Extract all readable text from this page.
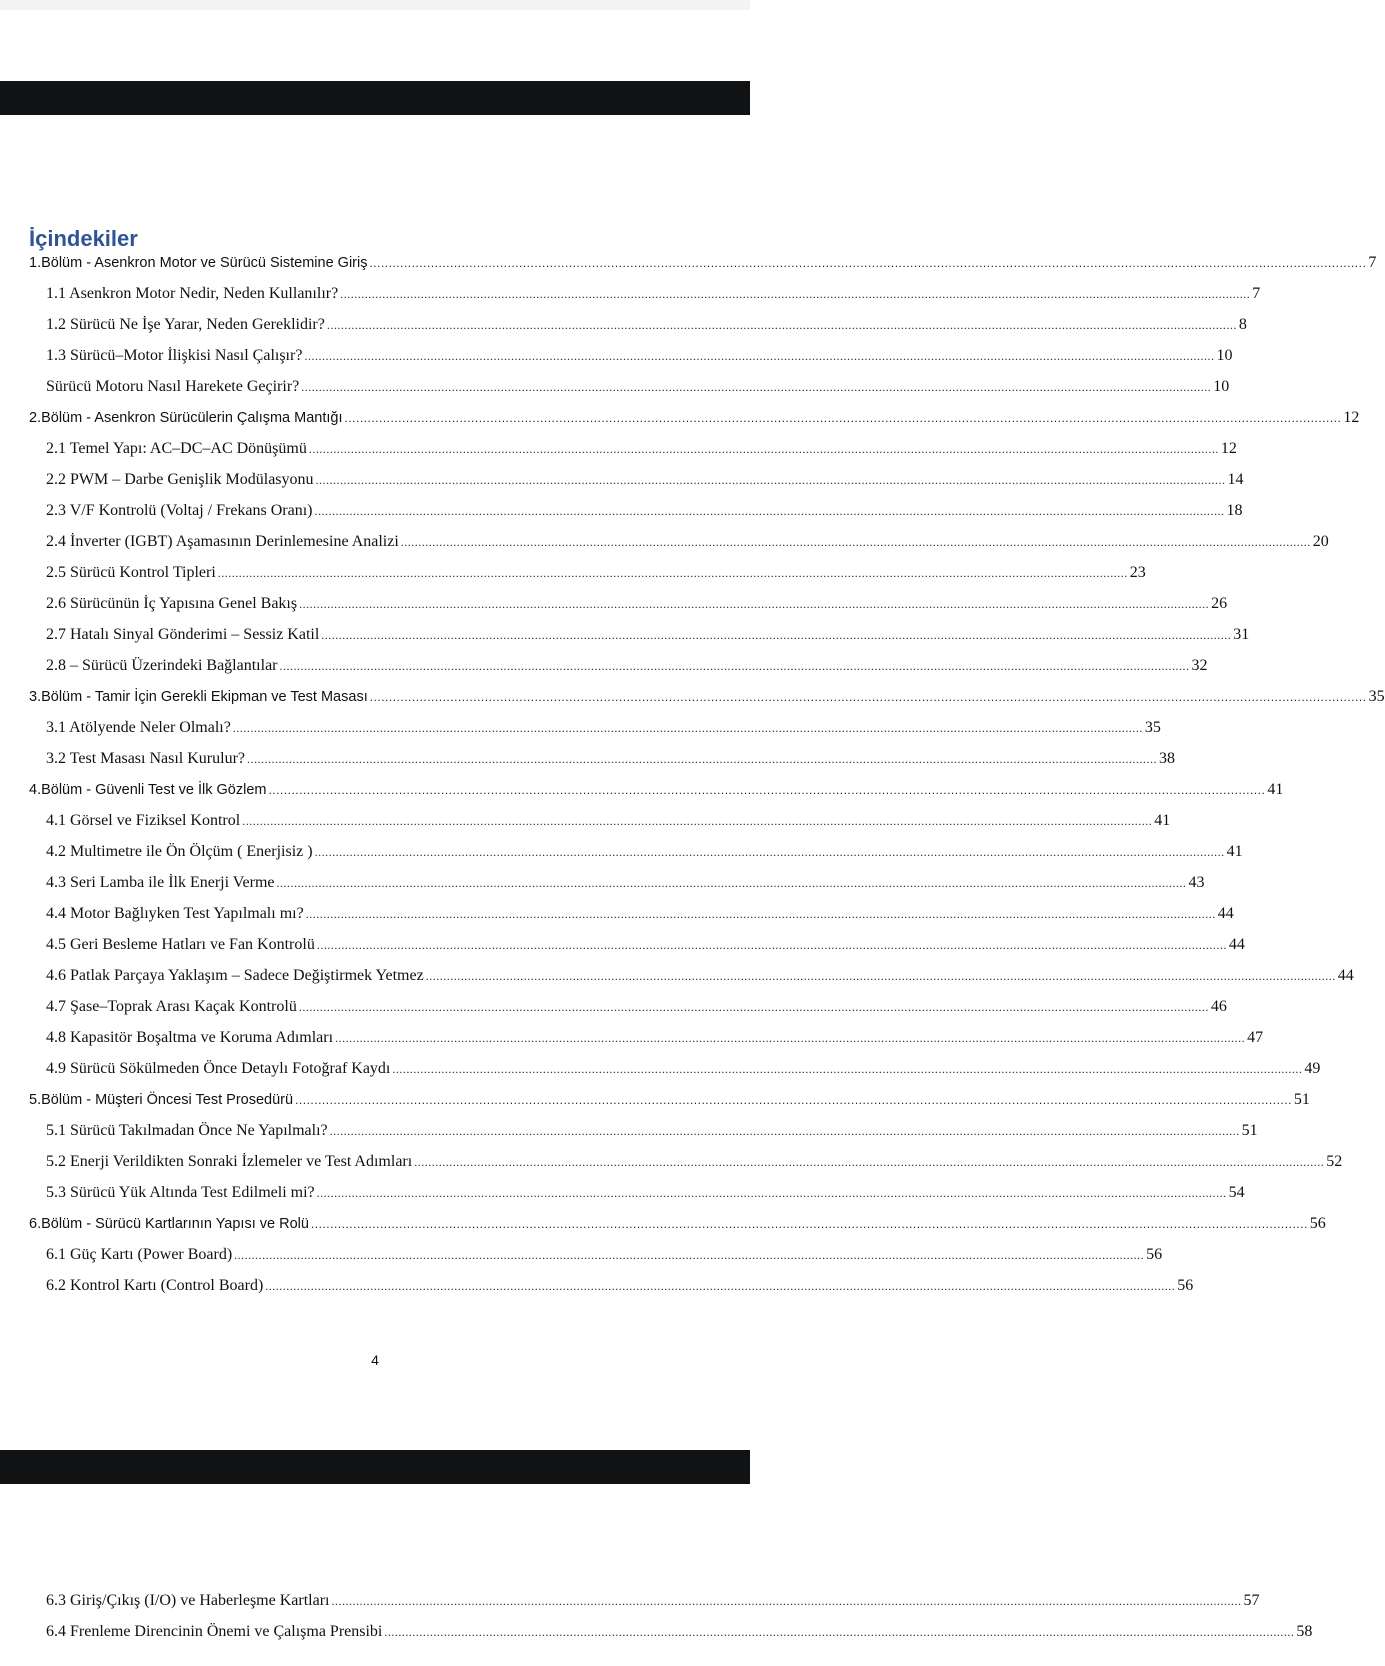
İçindekiler
1.Bölüm - Asenkron Motor ve Sürücü Sistemine Giriş .................................................................................................................................................................................................................................................................... 7
1.1 Asenkron Motor Nedir, Neden Kullanılır? .................................................................................................................................................................................................................................................................... 7
1.2 Sürücü Ne İşe Yarar, Neden Gereklidir? .................................................................................................................................................................................................................................................................... 8
1.3 Sürücü–Motor İlişkisi Nasıl Çalışır? .................................................................................................................................................................................................................................................................... 10
Sürücü Motoru Nasıl Harekete Geçirir? .................................................................................................................................................................................................................................................................... 10
2.Bölüm - Asenkron Sürücülerin Çalışma Mantığı .................................................................................................................................................................................................................................................................... 12
2.1 Temel Yapı: AC–DC–AC Dönüşümü .................................................................................................................................................................................................................................................................... 12
2.2 PWM – Darbe Genişlik Modülasyonu .................................................................................................................................................................................................................................................................... 14
2.3 V/F Kontrolü (Voltaj / Frekans Oranı) .................................................................................................................................................................................................................................................................... 18
2.4 İnverter (IGBT) Aşamasının Derinlemesine Analizi .................................................................................................................................................................................................................................................................... 20
2.5 Sürücü Kontrol Tipleri .................................................................................................................................................................................................................................................................... 23
2.6 Sürücünün İç Yapısına Genel Bakış .................................................................................................................................................................................................................................................................... 26
2.7 Hatalı Sinyal Gönderimi – Sessiz Katil .................................................................................................................................................................................................................................................................... 31
2.8 – Sürücü Üzerindeki Bağlantılar .................................................................................................................................................................................................................................................................... 32
3.Bölüm - Tamir İçin Gerekli Ekipman ve Test Masası .................................................................................................................................................................................................................................................................... 35
3.1 Atölyende Neler Olmalı? .................................................................................................................................................................................................................................................................... 35
3.2 Test Masası Nasıl Kurulur? .................................................................................................................................................................................................................................................................... 38
4.Bölüm - Güvenli Test ve İlk Gözlem .................................................................................................................................................................................................................................................................... 41
4.1 Görsel ve Fiziksel Kontrol .................................................................................................................................................................................................................................................................... 41
4.2 Multimetre ile Ön Ölçüm ( Enerjisiz ) .................................................................................................................................................................................................................................................................... 41
4.3 Seri Lamba ile İlk Enerji Verme .................................................................................................................................................................................................................................................................... 43
4.4 Motor Bağlıyken Test Yapılmalı mı? .................................................................................................................................................................................................................................................................... 44
4.5 Geri Besleme Hatları ve Fan Kontrolü .................................................................................................................................................................................................................................................................... 44
4.6 Patlak Parçaya Yaklaşım – Sadece Değiştirmek Yetmez .................................................................................................................................................................................................................................................................... 44
4.7 Şase–Toprak Arası Kaçak Kontrolü .................................................................................................................................................................................................................................................................... 46
4.8 Kapasitör Boşaltma ve Koruma Adımları .................................................................................................................................................................................................................................................................... 47
4.9 Sürücü Sökülmeden Önce Detaylı Fotoğraf Kaydı .................................................................................................................................................................................................................................................................... 49
5.Bölüm - Müşteri Öncesi Test Prosedürü .................................................................................................................................................................................................................................................................... 51
5.1 Sürücü Takılmadan Önce Ne Yapılmalı? .................................................................................................................................................................................................................................................................... 51
5.2 Enerji Verildikten Sonraki İzlemeler ve Test Adımları .................................................................................................................................................................................................................................................................... 52
5.3 Sürücü Yük Altında Test Edilmeli mi? .................................................................................................................................................................................................................................................................... 54
6.Bölüm - Sürücü Kartlarının Yapısı ve Rolü .................................................................................................................................................................................................................................................................... 56
6.1 Güç Kartı (Power Board) .................................................................................................................................................................................................................................................................... 56
6.2 Kontrol Kartı (Control Board) .................................................................................................................................................................................................................................................................... 56
4
6.3 Giriş/Çıkış (I/O) ve Haberleşme Kartları .................................................................................................................................................................................................................................................................... 57
6.4 Frenleme Direncinin Önemi ve Çalışma Prensibi .................................................................................................................................................................................................................................................................... 58
